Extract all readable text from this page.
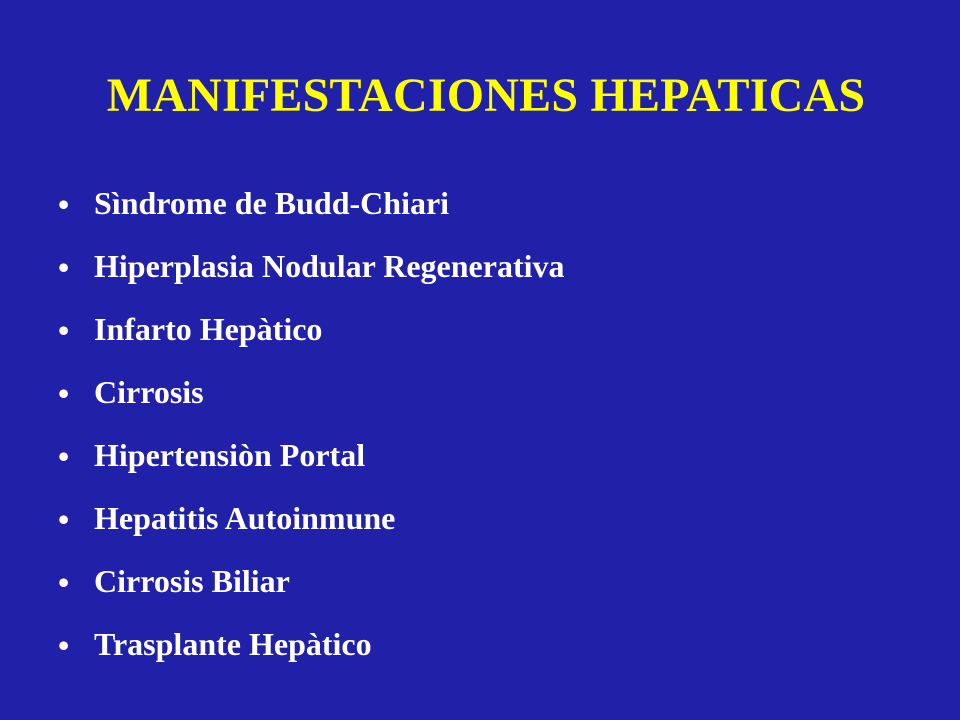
MANIFESTACIONES HEPATICAS
• Sìndrome de Budd-Chiari
• Hiperplasia Nodular Regenerativa
• Infarto Hepàtico
• Cirrosis
• Hipertensiòn Portal
• Hepatitis Autoinmune
• Cirrosis Biliar
• Trasplante Hepàtico
